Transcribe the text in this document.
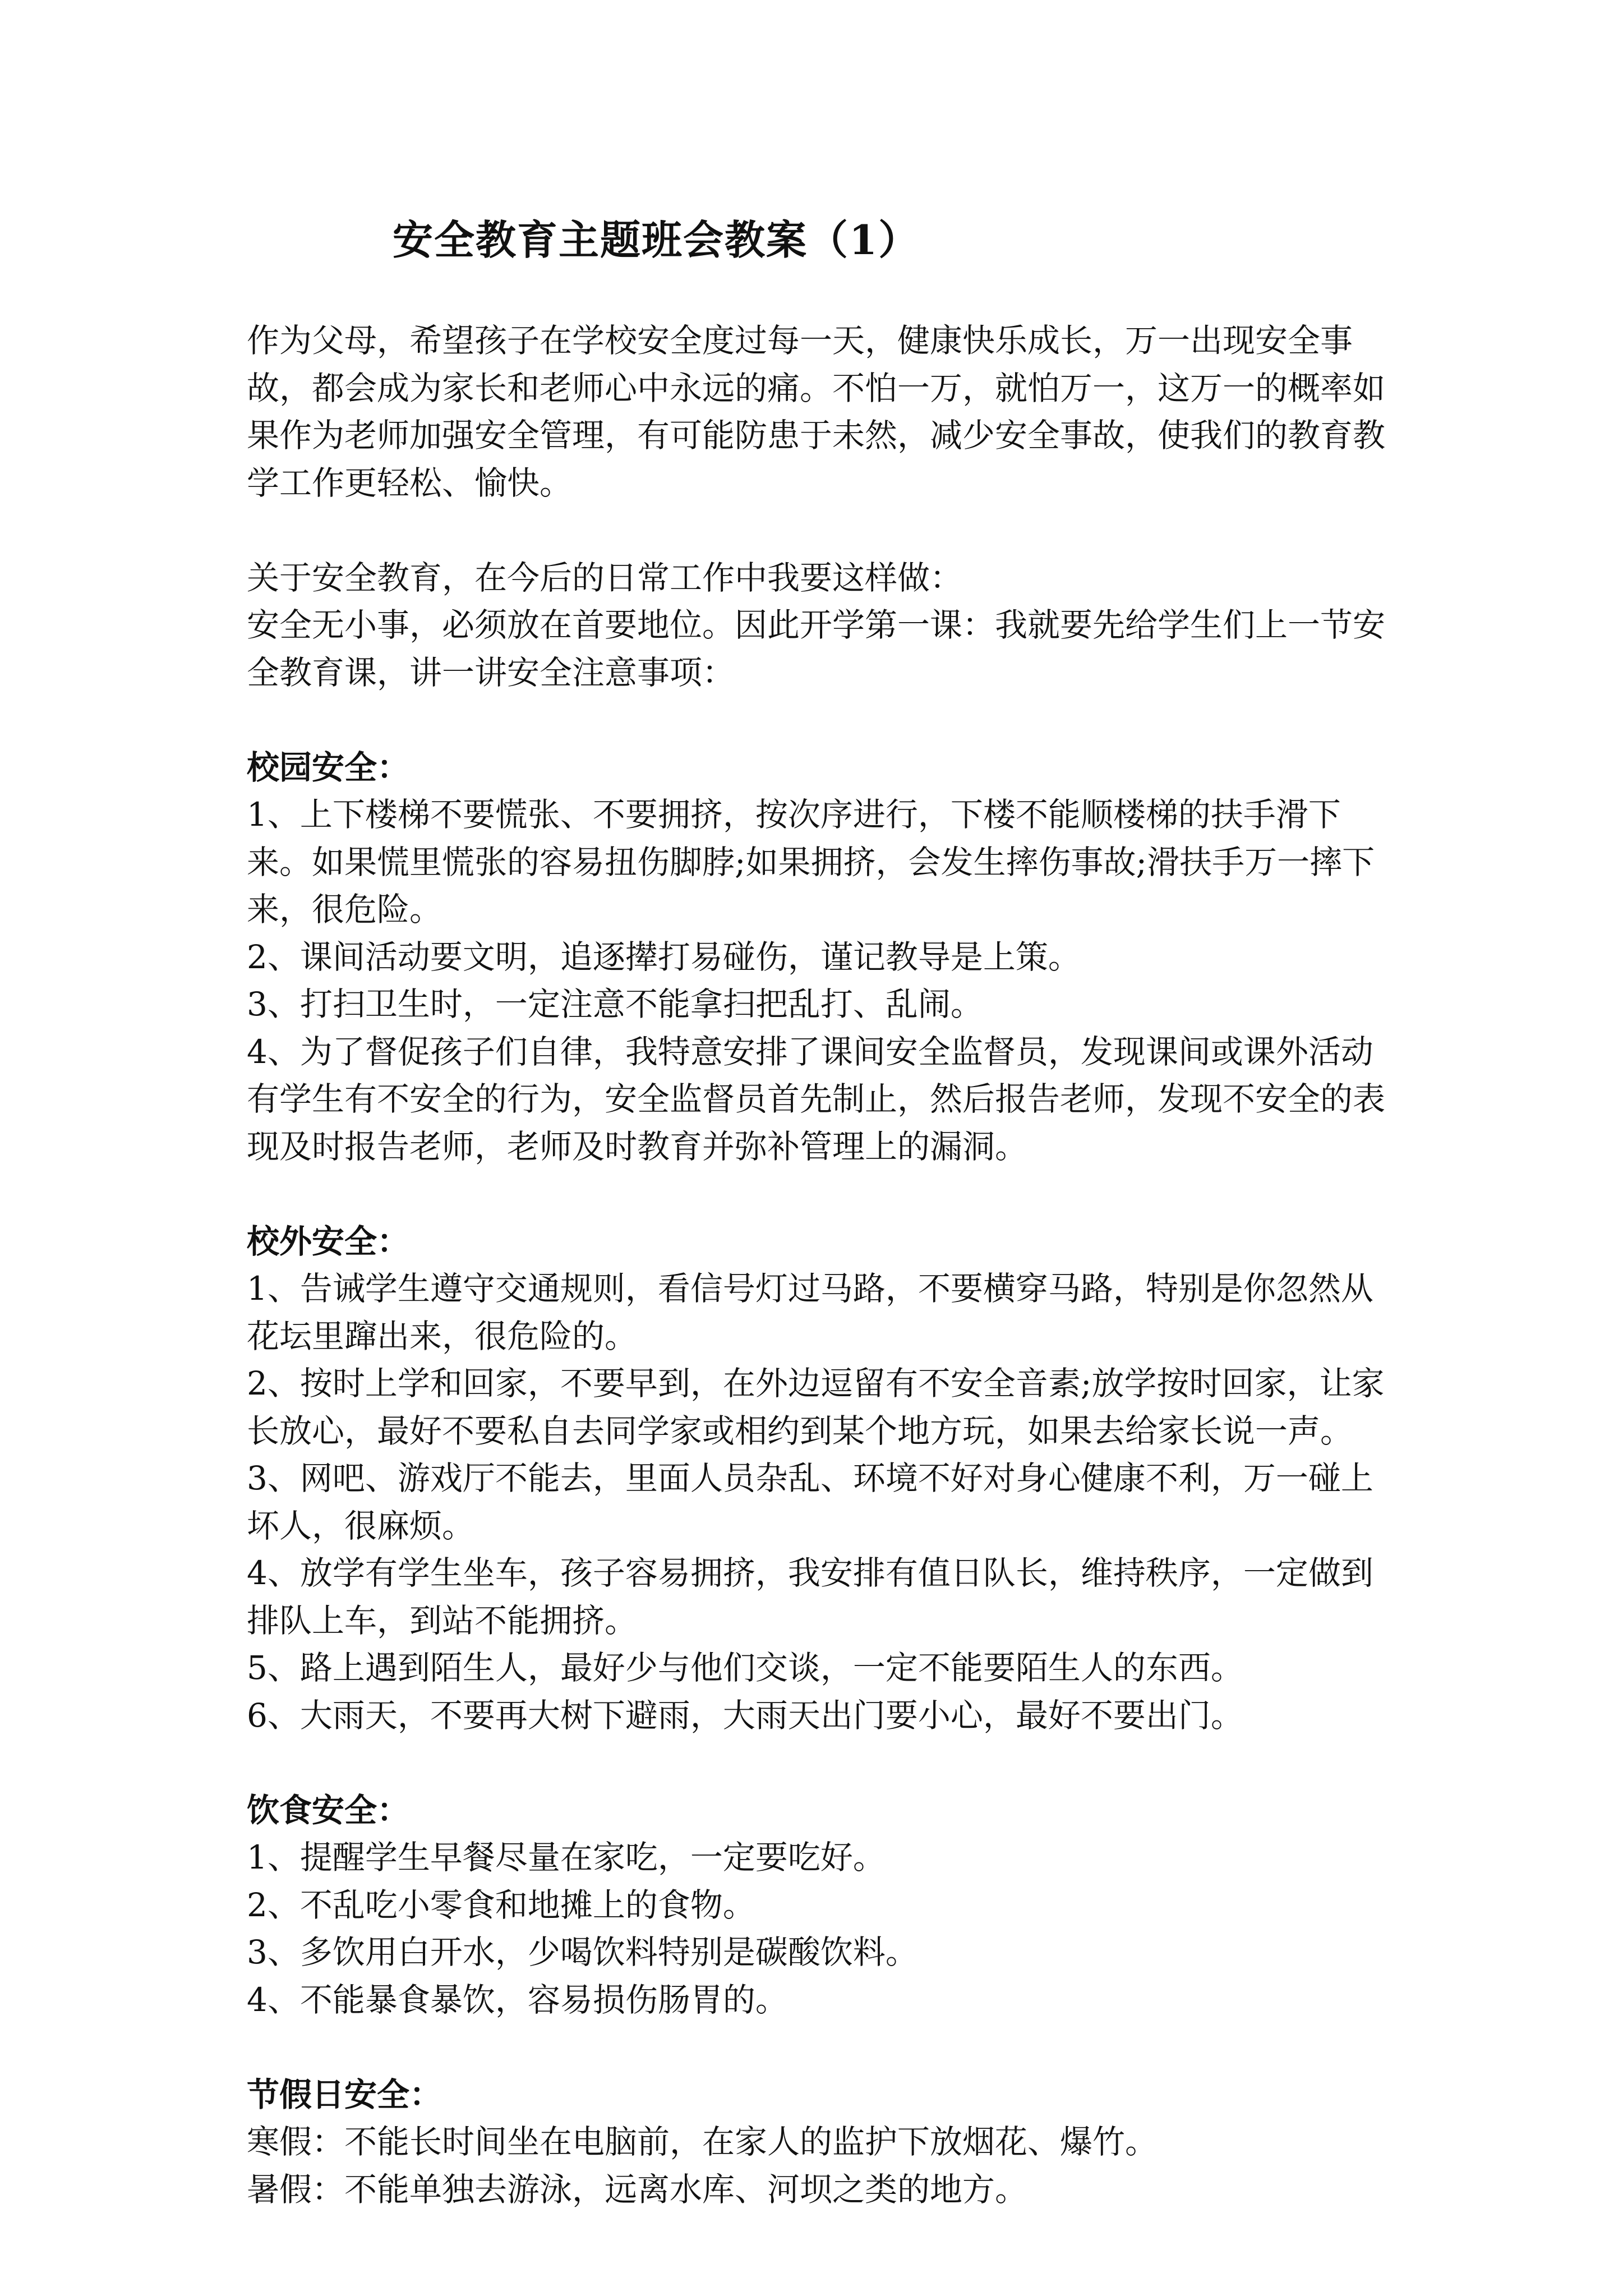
安全教育主题班会教案（1）

作为父母，希望孩子在学校安全度过每一天，健康快乐成长，万一出现安全事故，都会成为家长和老师心中永远的痛。不怕一万，就怕万一，这万一的概率如果作为老师加强安全管理，有可能防患于未然，减少安全事故，使我们的教育教学工作更轻松、愉快。

关于安全教育，在今后的日常工作中我要这样做：

安全无小事，必须放在首要地位。因此开学第一课：我就要先给学生们上一节安全教育课，讲一讲安全注意事项：

校园安全：

1、上下楼梯不要慌张、不要拥挤，按次序进行，下楼不能顺楼梯的扶手滑下来。如果慌里慌张的容易扭伤脚脖;如果拥挤，会发生摔伤事故;滑扶手万一摔下来，很危险。

2、课间活动要文明，追逐撵打易碰伤，谨记教导是上策。

3、打扫卫生时，一定注意不能拿扫把乱打、乱闹。

4、为了督促孩子们自律，我特意安排了课间安全监督员，发现课间或课外活动有学生有不安全的行为，安全监督员首先制止，然后报告老师，发现不安全的表现及时报告老师，老师及时教育并弥补管理上的漏洞。

校外安全：

1、告诫学生遵守交通规则，看信号灯过马路，不要横穿马路，特别是你忽然从花坛里蹿出来，很危险的。

2、按时上学和回家，不要早到，在外边逗留有不安全音素;放学按时回家，让家长放心，最好不要私自去同学家或相约到某个地方玩，如果去给家长说一声。

3、网吧、游戏厅不能去，里面人员杂乱、环境不好对身心健康不利，万一碰上坏人，很麻烦。

4、放学有学生坐车，孩子容易拥挤，我安排有值日队长，维持秩序，一定做到排队上车，到站不能拥挤。

5、路上遇到陌生人，最好少与他们交谈，一定不能要陌生人的东西。

6、大雨天，不要再大树下避雨，大雨天出门要小心，最好不要出门。

饮食安全：

1、提醒学生早餐尽量在家吃，一定要吃好。

2、不乱吃小零食和地摊上的食物。

3、多饮用白开水，少喝饮料特别是碳酸饮料。

4、不能暴食暴饮，容易损伤肠胃的。

节假日安全：

寒假：不能长时间坐在电脑前，在家人的监护下放烟花、爆竹。

暑假：不能单独去游泳，远离水库、河坝之类的地方。
